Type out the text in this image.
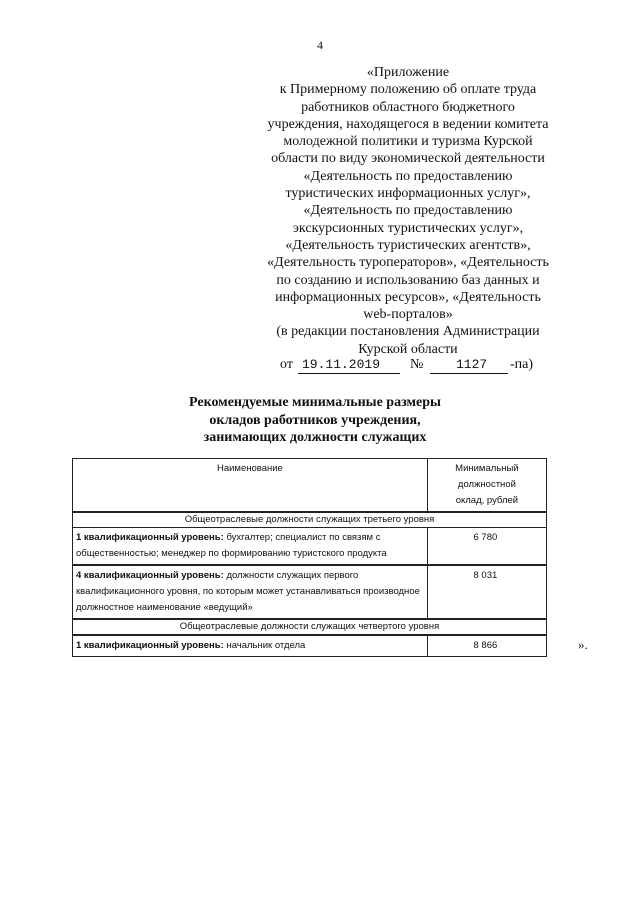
4
«Приложение
к Примерному положению об оплате труда
работников областного бюджетного
учреждения, находящегося в ведении комитета
молодежной политики и туризма Курской
области по виду экономической деятельности
«Деятельность по предоставлению
туристических информационных услуг»,
«Деятельность по предоставлению
экскурсионных туристических услуг»,
«Деятельность туристических агентств»,
«Деятельность туроператоров», «Деятельность
по созданию и использованию баз данных и
информационных ресурсов», «Деятельность
web-порталов»
(в редакции постановления Администрации
Курской области
от 19.11.2019 №	1127 -па)
Рекомендуемые минимальные размеры
окладов работников учреждения,
занимающих должности служащих
Наименование	Минимальный
должностной
оклад, рублей

Общеотраслевые должности служащих третьего уровня	
1 квалификационный уровень: бухгалтер; специалист по связям с общественностью; менеджер по формированию туристского продукта	6 780
4 квалификационный уровень: должности служащих первого квалификационного уровня, по которым может устанавливаться производное должностное наименование «ведущий»	8 031
Общеотраслевые должности служащих четвертого уровня	
1 квалификационный уровень: начальник отдела	8 866	».
